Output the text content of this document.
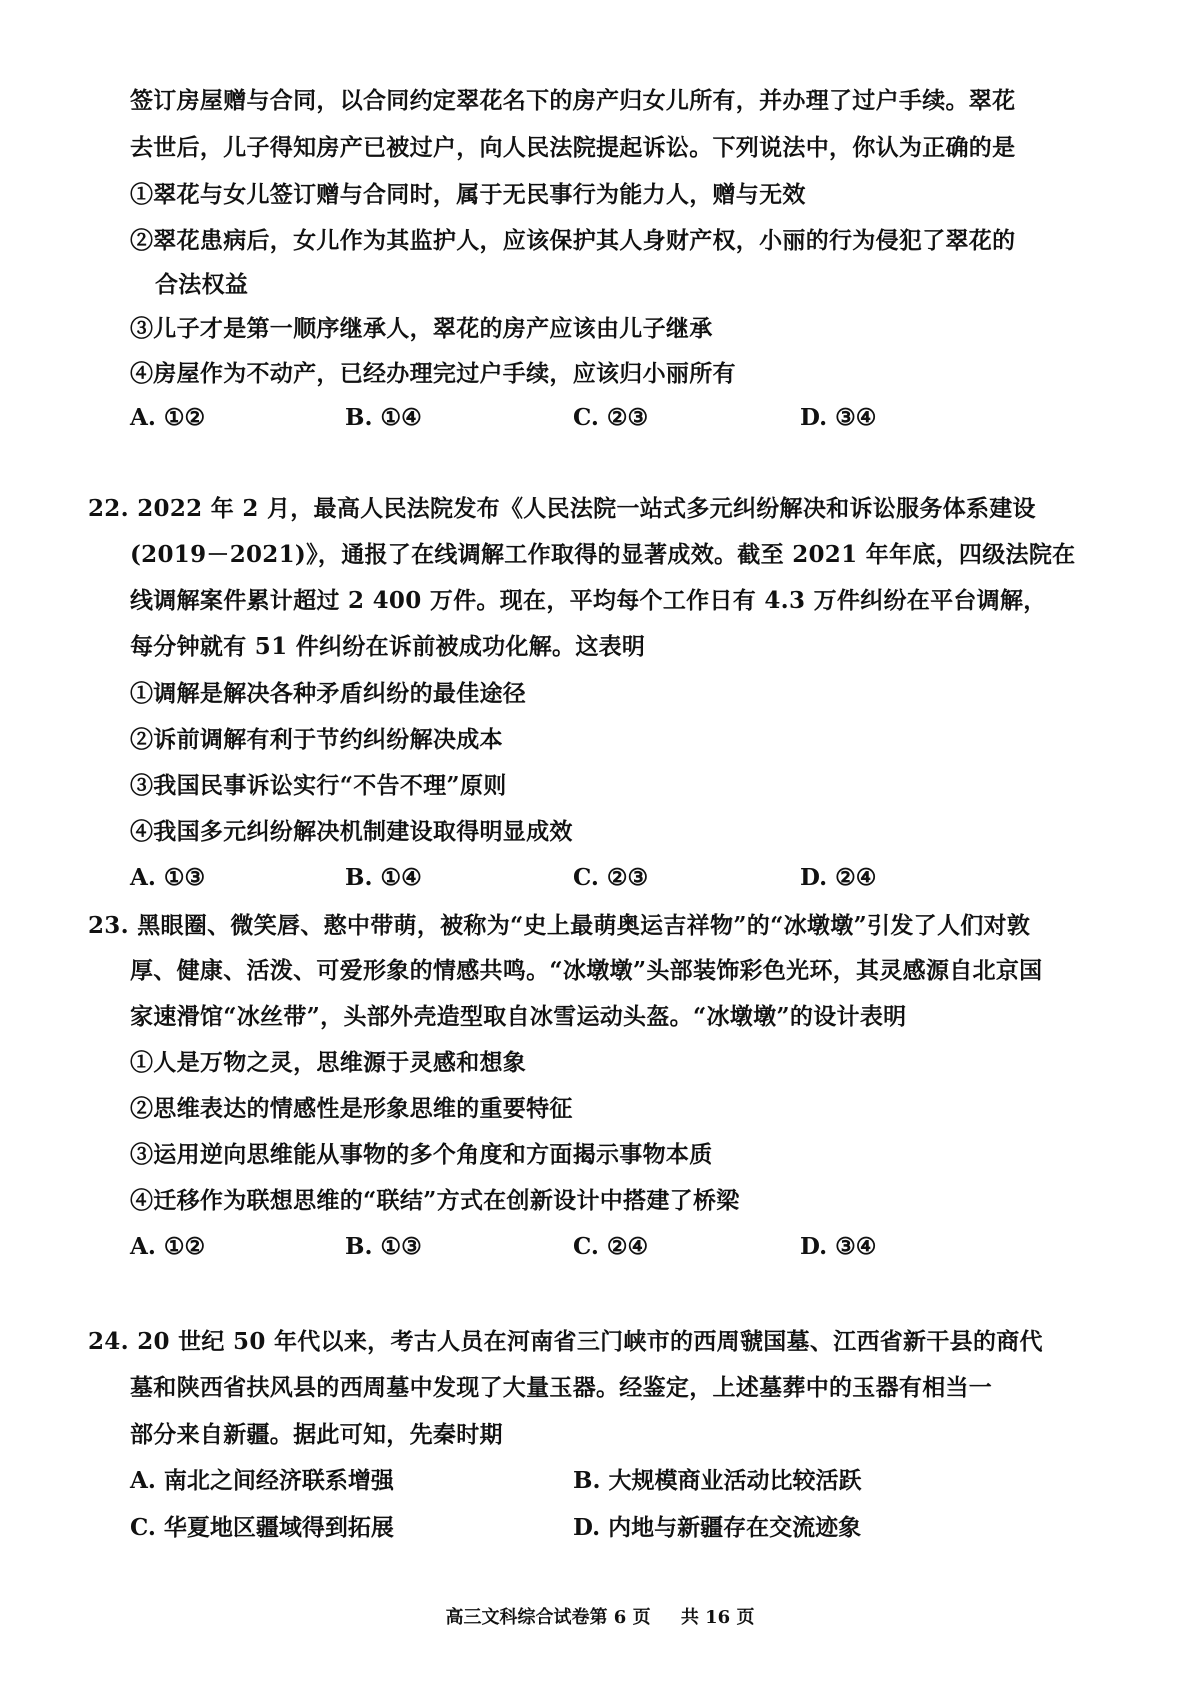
签订房屋赠与合同，以合同约定翠花名下的房产归女儿所有，并办理了过户手续。翠花
去世后，儿子得知房产已被过户，向人民法院提起诉讼。下列说法中，你认为正确的是
①翠花与女儿签订赠与合同时，属于无民事行为能力人，赠与无效
②翠花患病后，女儿作为其监护人，应该保护其人身财产权，小丽的行为侵犯了翠花的
合法权益
③儿子才是第一顺序继承人，翠花的房产应该由儿子继承
④房屋作为不动产，已经办理完过户手续，应该归小丽所有
A. ①②	B. ①④	C. ②③	D. ③④
22. 2022 年 2 月，最高人民法院发布《人民法院一站式多元纠纷解决和诉讼服务体系建设
(2019－2021)》，通报了在线调解工作取得的显著成效。截至 2021 年年底，四级法院在
线调解案件累计超过 2 400 万件。现在，平均每个工作日有 4.3 万件纠纷在平台调解，
每分钟就有 51 件纠纷在诉前被成功化解。这表明
①调解是解决各种矛盾纠纷的最佳途径
②诉前调解有利于节约纠纷解决成本
③我国民事诉讼实行“不告不理”原则
④我国多元纠纷解决机制建设取得明显成效
A. ①③	B. ①④	C. ②③	D. ②④
23. 黑眼圈、微笑唇、憨中带萌，被称为“史上最萌奥运吉祥物”的“冰墩墩”引发了人们对敦
厚、健康、活泼、可爱形象的情感共鸣。“冰墩墩”头部装饰彩色光环，其灵感源自北京国
家速滑馆“冰丝带”，头部外壳造型取自冰雪运动头盔。“冰墩墩”的设计表明
①人是万物之灵，思维源于灵感和想象
②思维表达的情感性是形象思维的重要特征
③运用逆向思维能从事物的多个角度和方面揭示事物本质
④迁移作为联想思维的“联结”方式在创新设计中搭建了桥梁
A. ①②	B. ①③	C. ②④	D. ③④
24. 20 世纪 50 年代以来，考古人员在河南省三门峡市的西周虢国墓、江西省新干县的商代
墓和陕西省扶风县的西周墓中发现了大量玉器。经鉴定，上述墓葬中的玉器有相当一
部分来自新疆。据此可知，先秦时期
A. 南北之间经济联系增强	B. 大规模商业活动比较活跃
C. 华夏地区疆域得到拓展	D. 内地与新疆存在交流迹象
高三文科综合试卷第 6 页 共 16 页
